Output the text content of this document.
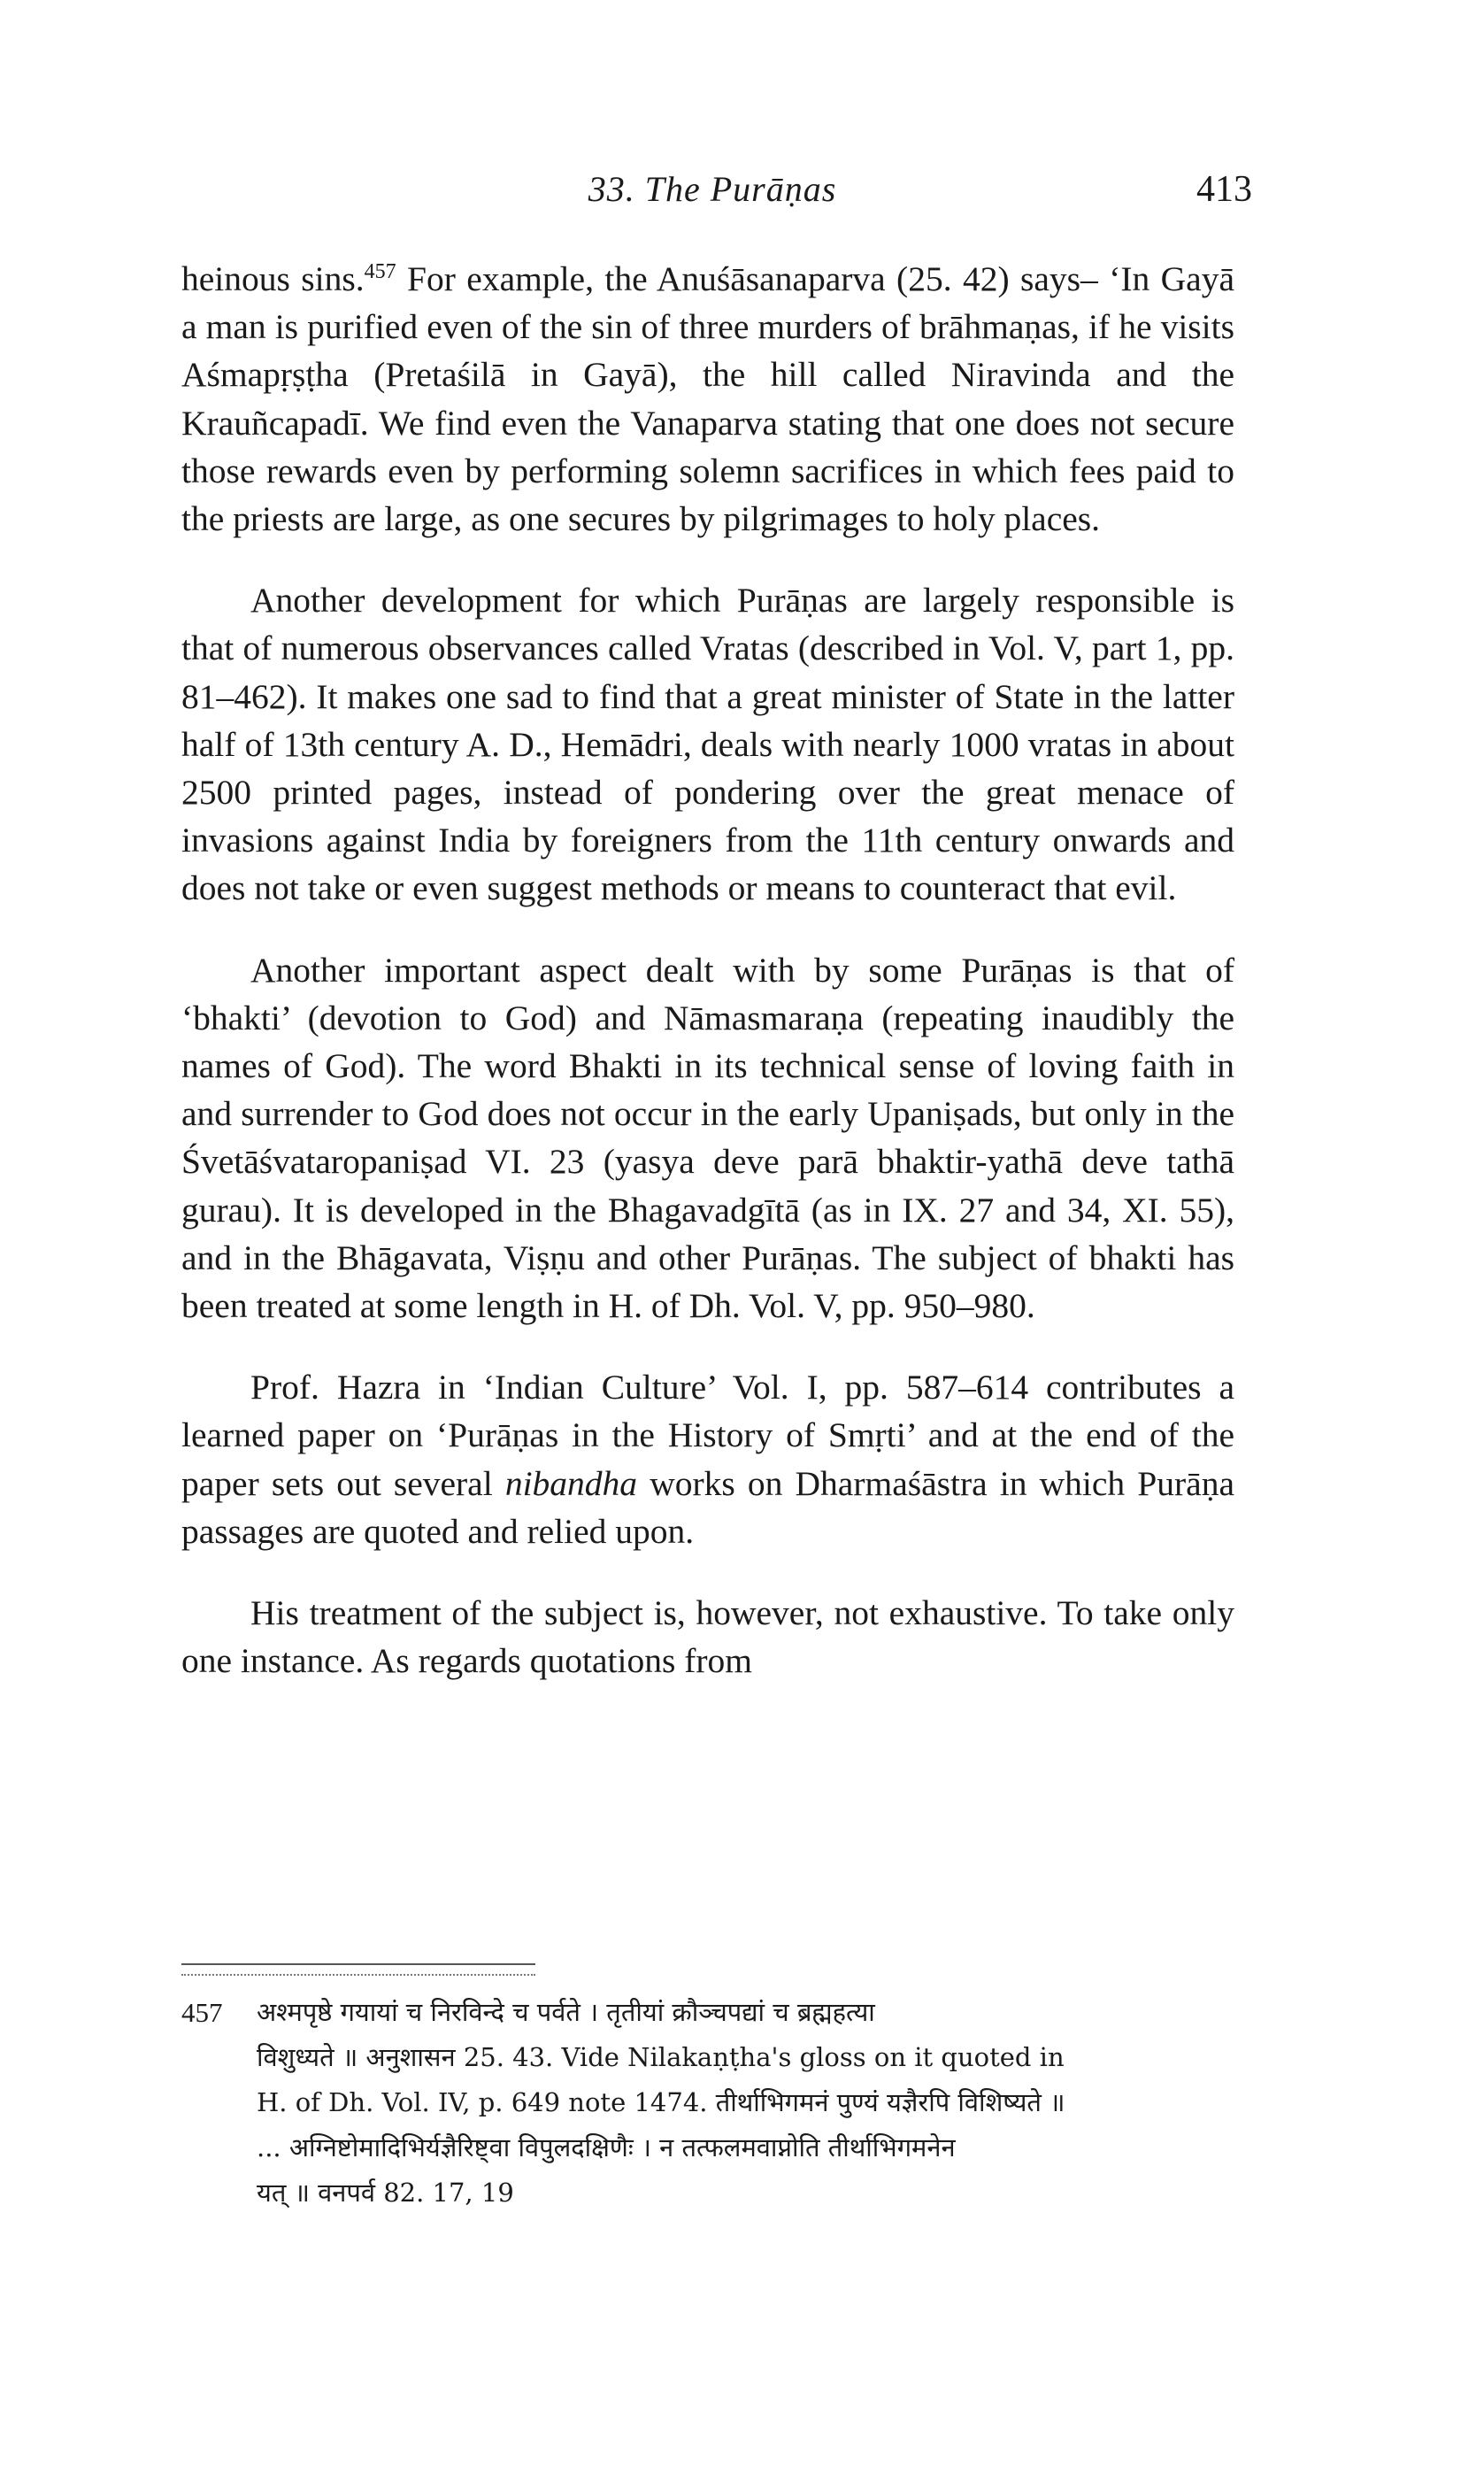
33. The Purāṇas	413

heinous sins.$^{457}$ For example, the Anuśāsanaparva (25. 42) says– ‘In Gayā a man is purified even of the sin of three murders of brāhmaṇas, if he visits Aśmapṛṣṭha (Pretaśilā in Gayā), the hill called Niravinda and the Krauñcapadī. We find even the Vanaparva stating that one does not secure those rewards even by performing solemn sacrifices in which fees paid to the priests are large, as one secures by pilgrimages to holy places.

Another development for which Purāṇas are largely responsible is that of numerous observances called Vratas (described in Vol. V, part 1, pp. 81–462). It makes one sad to find that a great minister of State in the latter half of 13th century A. D., Hemādri, deals with nearly 1000 vratas in about 2500 printed pages, instead of pondering over the great menace of invasions against India by foreigners from the 11th century onwards and does not take or even suggest methods or means to counteract that evil.

Another important aspect dealt with by some Purāṇas is that of ‘bhakti’ (devotion to God) and Nāmasmaraṇa (repeating inaudibly the names of God). The word Bhakti in its technical sense of loving faith in and surrender to God does not occur in the early Upaniṣads, but only in the Śvetāśvataropaniṣad VI. 23 (yasya deve parā bhaktir-yathā deve tathā gurau). It is developed in the Bhagavadgītā (as in IX. 27 and 34, XI. 55), and in the Bhāgavata, Viṣṇu and other Purāṇas. The subject of bhakti has been treated at some length in H. of Dh. Vol. V, pp. 950–980.

Prof. Hazra in ‘Indian Culture’ Vol. I, pp. 587–614 contributes a learned paper on ‘Purāṇas in the History of Smṛti’ and at the end of the paper sets out several nibandha works on Dharmaśāstra in which Purāṇa passages are quoted and relied upon.

His treatment of the subject is, however, not exhaustive. To take only one instance. As regards quotations from

457	अश्मपृष्ठे गयायां च निरविन्दे च पर्वते । तृतीयां क्रौञ्चपद्यां च ब्रह्महत्या
विशुध्यते ॥ अनुशासन 25. 43. Vide Nilakaṇṭha's gloss on it quoted in
H. of Dh. Vol. IV, p. 649 note 1474. तीर्थाभिगमनं पुण्यं यज्ञैरपि विशिष्यते ॥
... अग्निष्टोमादिभिर्यज्ञैरिष्ट्वा विपुलदक्षिणैः । न तत्फलमवाप्नोति तीर्थाभिगमनेन
यत् ॥ वनपर्व 82. 17, 19
